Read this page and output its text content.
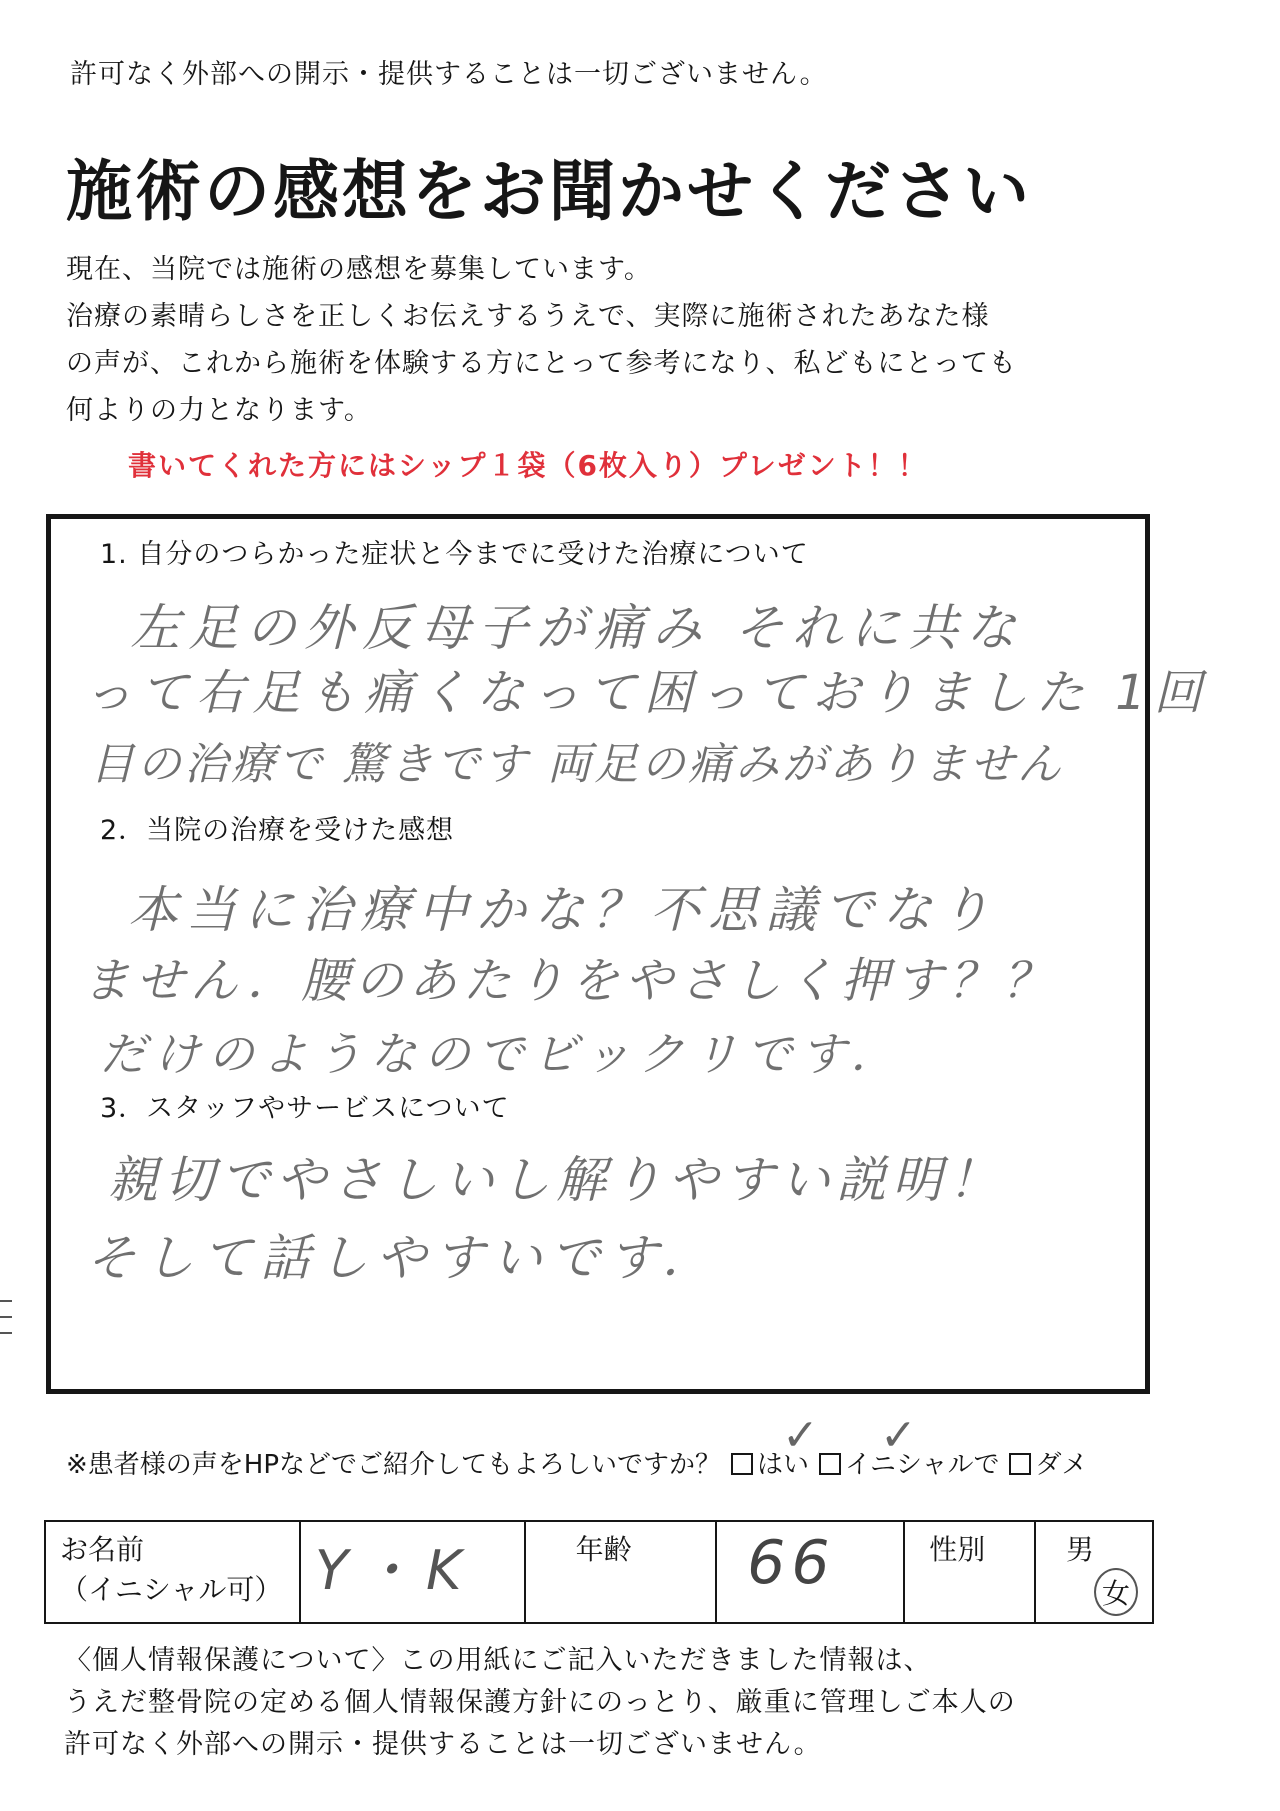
許可なく外部への開示・提供することは一切ございません。
施術の感想をお聞かせください
現在、当院では施術の感想を募集しています。
治療の素晴らしさを正しくお伝えするうえで、実際に施術されたあなた様
の声が、これから施術を体験する方にとって参考になり、私どもにとっても
何よりの力となります。
書いてくれた方にはシップ１袋（6枚入り）プレゼント！！
1. 自分のつらかった症状と今までに受けた治療について
左足の外反母子が痛み それに共な
って右足も痛くなって困っておりました 1回
目の治療で 驚きです 両足の痛みがありません
2．当院の治療を受けた感想
本当に治療中かな？不思議でなり
ません．腰のあたりをやさしく押す？？
だけのようなのでビックリです．
3．スタッフやサービスについて
親切でやさしいし解りやすい説明！
そして話しやすいです．
※患者様の声をHPなどでご紹介してもよろしいですか？ はい イニシャルで ダメ
✓ ✓
お名前
（イニシャル可）	Y・K	年齢	66	性別	男 女
〈個人情報保護について〉この用紙にご記入いただきました情報は、
うえだ整骨院の定める個人情報保護方針にのっとり、厳重に管理しご本人の
許可なく外部への開示・提供することは一切ございません。
